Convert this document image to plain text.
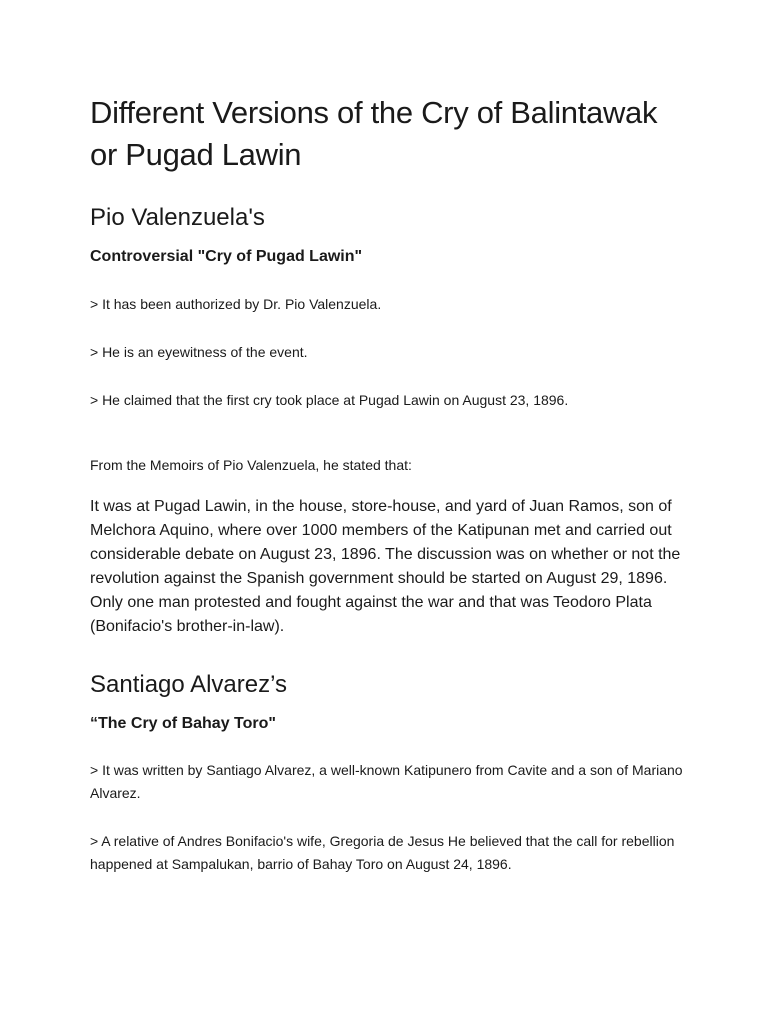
Different Versions of the Cry of Balintawak or Pugad Lawin
Pio Valenzuela's

Controversial "Cry of Pugad Lawin"

> It has been authorized by Dr. Pio Valenzuela.

> He is an eyewitness of the event.

> He claimed that the first cry took place at Pugad Lawin on August 23, 1896.

From the Memoirs of Pio Valenzuela, he stated that:

It was at Pugad Lawin, in the house, store-house, and yard of Juan Ramos, son of Melchora Aquino, where over 1000 members of the Katipunan met and carried out considerable debate on August 23, 1896. The discussion was on whether or not the revolution against the Spanish government should be started on August 29, 1896. Only one man protested and fought against the war and that was Teodoro Plata (Bonifacio's brother-in-law).

Santiago Alvarez’s

“The Cry of Bahay Toro"

> It was written by Santiago Alvarez, a well-known Katipunero from Cavite and a son of Mariano Alvarez.

> A relative of Andres Bonifacio's wife, Gregoria de Jesus He believed that the call for rebellion happened at Sampalukan, barrio of Bahay Toro on August 24, 1896.
